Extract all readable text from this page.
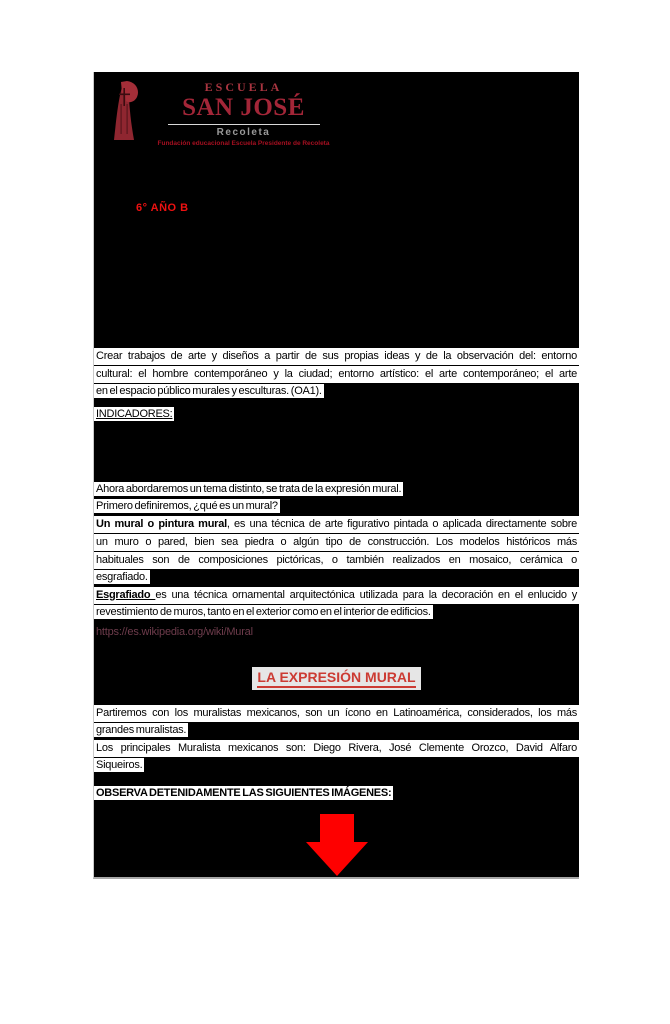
ESCUELA
SAN JOSÉ
Recoleta
Fundación educacional Escuela Presidente de Recoleta
6° AÑO B
Crear trabajos de arte y diseños a partir de sus propias ideas y de la observación del: entorno
cultural: el hombre contemporáneo y la ciudad; entorno artístico: el arte contemporáneo; el arte
en el espacio público murales y esculturas. (OA1).
INDICADORES:
Ahora abordaremos un tema distinto, se trata de la expresión mural.
Primero definiremos, ¿qué es un mural?
Un mural o pintura mural, es una técnica de arte figurativo pintada o aplicada directamente sobre
un muro o pared, bien sea piedra o algún tipo de construcción. Los modelos históricos más
habituales son de composiciones pictóricas, o también realizados en mosaico, cerámica o
esgrafiado.
Esgrafiado es una técnica ornamental arquitectónica utilizada para la decoración en el enlucido y
revestimiento de muros, tanto en el exterior como en el interior de edificios.
Partiremos con los muralistas mexicanos, son un ícono en Latinoamérica, considerados, los más
grandes muralistas.
Los principales Muralista mexicanos son: Diego Rivera, José Clemente Orozco, David Alfaro
Siqueiros.
OBSERVA DETENIDAMENTE LAS SIGUIENTES IMÁGENES:
https://es.wikipedia.org/wiki/Mural
LA EXPRESIÓN MURAL
